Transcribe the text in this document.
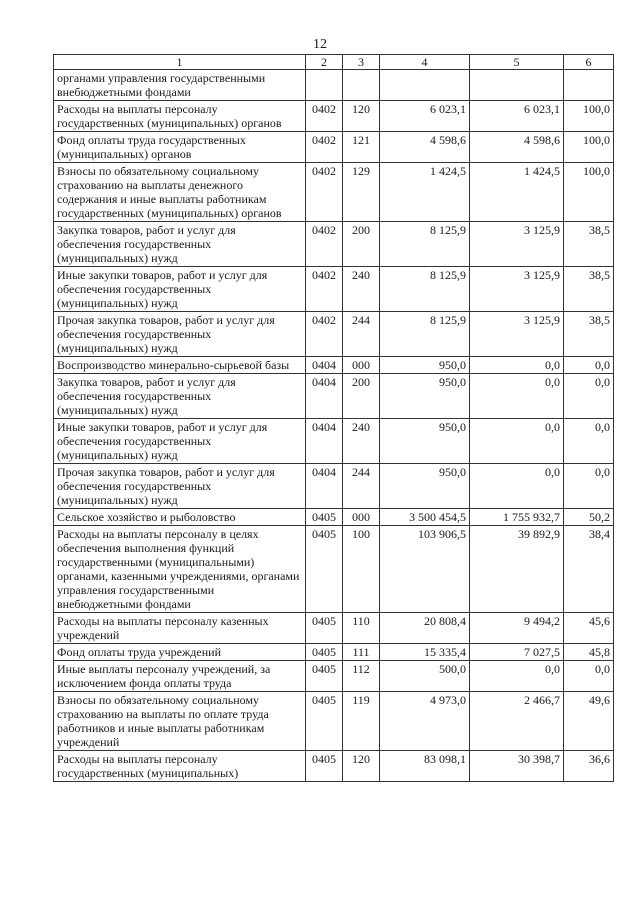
12
1	2	3	4	5	6
органами управления государственными внебюджетными фондами					
Расходы на выплаты персоналу государственных (муниципальных) органов	0402	120	6 023,1	6 023,1	100,0
Фонд оплаты труда государственных (муниципальных) органов	0402	121	4 598,6	4 598,6	100,0
Взносы по обязательному социальному страхованию на выплаты денежного содержания и иные выплаты работникам государственных (муниципальных) органов	0402	129	1 424,5	1 424,5	100,0
Закупка товаров, работ и услуг для обеспечения государственных (муниципальных) нужд	0402	200	8 125,9	3 125,9	38,5
Иные закупки товаров, работ и услуг для обеспечения государственных (муниципальных) нужд	0402	240	8 125,9	3 125,9	38,5
Прочая закупка товаров, работ и услуг для обеспечения государственных (муниципальных) нужд	0402	244	8 125,9	3 125,9	38,5
Воспроизводство минерально-сырьевой базы	0404	000	950,0	0,0	0,0
Закупка товаров, работ и услуг для обеспечения государственных (муниципальных) нужд	0404	200	950,0	0,0	0,0
Иные закупки товаров, работ и услуг для обеспечения государственных (муниципальных) нужд	0404	240	950,0	0,0	0,0
Прочая закупка товаров, работ и услуг для обеспечения государственных (муниципальных) нужд	0404	244	950,0	0,0	0,0
Сельское хозяйство и рыболовство	0405	000	3 500 454,5	1 755 932,7	50,2
Расходы на выплаты персоналу в целях обеспечения выполнения функций государственными (муниципальными) органами, казенными учреждениями, органами управления государственными внебюджетными фондами	0405	100	103 906,5	39 892,9	38,4
Расходы на выплаты персоналу казенных учреждений	0405	110	20 808,4	9 494,2	45,6
Фонд оплаты труда учреждений	0405	111	15 335,4	7 027,5	45,8
Иные выплаты персоналу учреждений, за исключением фонда оплаты труда	0405	112	500,0	0,0	0,0
Взносы по обязательному социальному страхованию на выплаты по оплате труда работников и иные выплаты работникам учреждений	0405	119	4 973,0	2 466,7	49,6
Расходы на выплаты персоналу государственных (муниципальных)	0405	120	83 098,1	30 398,7	36,6
